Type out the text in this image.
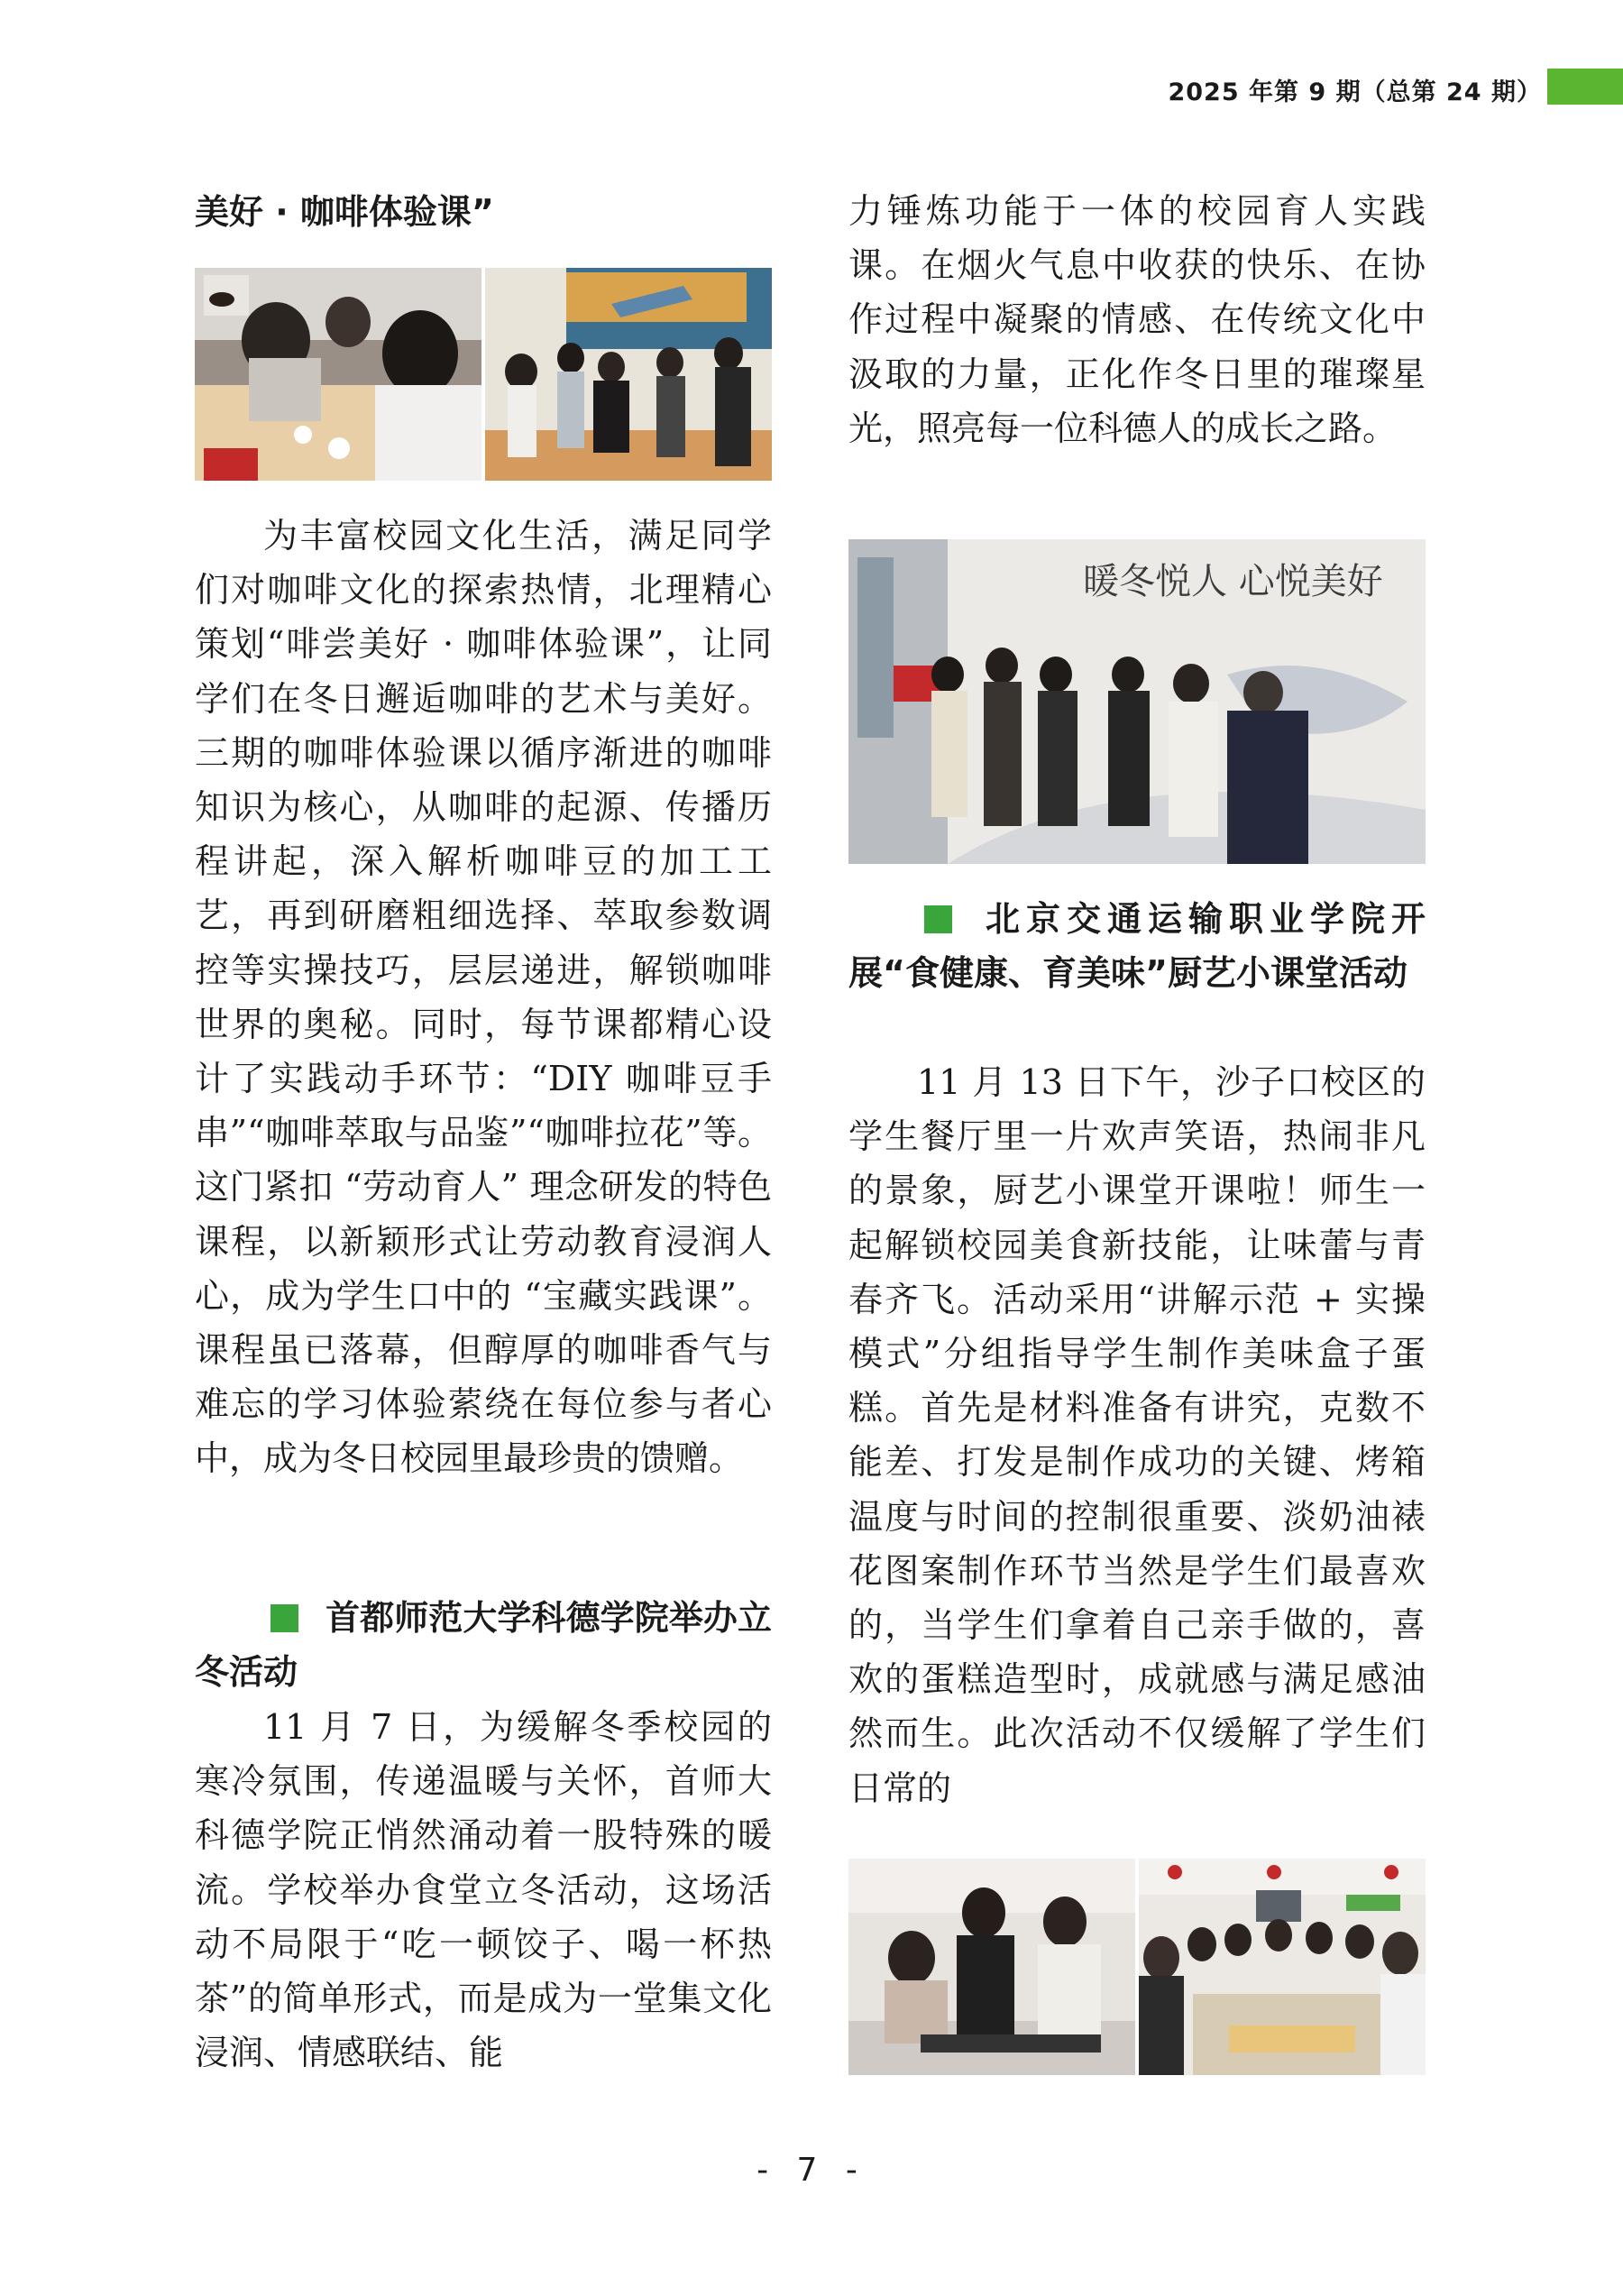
2025 年第 9 期（总第 24 期）
美好 · 咖啡体验课”
为丰富校园文化生活，满足同学们对咖啡文化的探索热情，北理精心策划“啡尝美好 · 咖啡体验课”，让同学们在冬日邂逅咖啡的艺术与美好。三期的咖啡体验课以循序渐进的咖啡知识为核心，从咖啡的起源、传播历程讲起，深入解析咖啡豆的加工工艺，再到研磨粗细选择、萃取参数调控等实操技巧，层层递进，解锁咖啡世界的奥秘。同时，每节课都精心设计了实践动手环节：“DIY 咖啡豆手串”“咖啡萃取与品鉴”“咖啡拉花”等。这门紧扣 “劳动育人” 理念研发的特色课程，以新颖形式让劳动教育浸润人心，成为学生口中的 “宝藏实践课”。课程虽已落幕，但醇厚的咖啡香气与难忘的学习体验萦绕在每位参与者心中，成为冬日校园里最珍贵的馈赠。
首都师范大学科德学院举办立冬活动
11 月 7 日，为缓解冬季校园的寒冷氛围，传递温暖与关怀，首师大科德学院正悄然涌动着一股特殊的暖流。学校举办食堂立冬活动，这场活动不局限于“吃一顿饺子、喝一杯热茶”的简单形式，而是成为一堂集文化浸润、情感联结、能
力锤炼功能于一体的校园育人实践课。在烟火气息中收获的快乐、在协作过程中凝聚的情感、在传统文化中汲取的力量，正化作冬日里的璀璨星光，照亮每一位科德人的成长之路。
暖冬悦人 心悦美好
北京交通运输职业学院开展“食健康、育美味”厨艺小课堂活动
11 月 13 日下午，沙子口校区的学生餐厅里一片欢声笑语，热闹非凡的景象，厨艺小课堂开课啦！师生一起解锁校园美食新技能，让味蕾与青春齐飞。活动采用“讲解示范 + 实操模式”分组指导学生制作美味盒子蛋糕。首先是材料准备有讲究，克数不能差、打发是制作成功的关键、烤箱温度与时间的控制很重要、淡奶油裱花图案制作环节当然是学生们最喜欢的，当学生们拿着自己亲手做的，喜欢的蛋糕造型时，成就感与满足感油然而生。此次活动不仅缓解了学生们日常的
- 7 -
